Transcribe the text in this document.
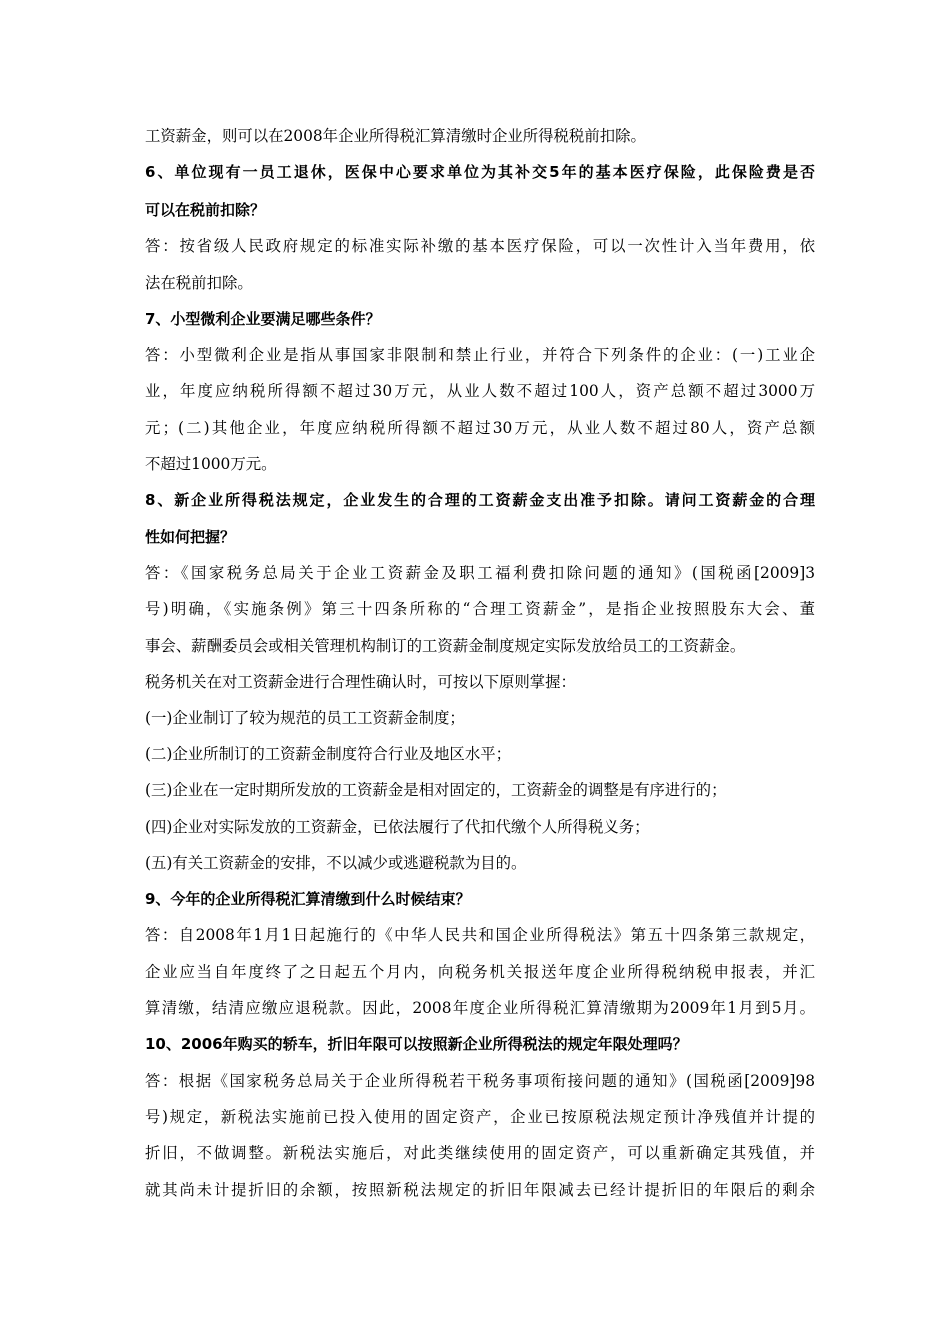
工资薪金，则可以在2008年企业所得税汇算清缴时企业所得税税前扣除。
6、单位现有一员工退休，医保中心要求单位为其补交5年的基本医疗保险，此保险费是否
可以在税前扣除？
答：按省级人民政府规定的标准实际补缴的基本医疗保险，可以一次性计入当年费用，依
法在税前扣除。
7、小型微利企业要满足哪些条件？
答：小型微利企业是指从事国家非限制和禁止行业，并符合下列条件的企业：(一)工业企
业，年度应纳税所得额不超过30万元，从业人数不超过100人，资产总额不超过3000万
元；(二)其他企业，年度应纳税所得额不超过30万元，从业人数不超过80人，资产总额
不超过1000万元。
8、新企业所得税法规定，企业发生的合理的工资薪金支出准予扣除。请问工资薪金的合理
性如何把握？
答：《国家税务总局关于企业工资薪金及职工福利费扣除问题的通知》(国税函[2009]3
号)明确，《实施条例》第三十四条所称的“合理工资薪金”，是指企业按照股东大会、董
事会、薪酬委员会或相关管理机构制订的工资薪金制度规定实际发放给员工的工资薪金。
税务机关在对工资薪金进行合理性确认时，可按以下原则掌握：
(一)企业制订了较为规范的员工工资薪金制度；
(二)企业所制订的工资薪金制度符合行业及地区水平；
(三)企业在一定时期所发放的工资薪金是相对固定的，工资薪金的调整是有序进行的；
(四)企业对实际发放的工资薪金，已依法履行了代扣代缴个人所得税义务；
(五)有关工资薪金的安排，不以减少或逃避税款为目的。
9、今年的企业所得税汇算清缴到什么时候结束？
答：自2008年1月1日起施行的《中华人民共和国企业所得税法》第五十四条第三款规定，
企业应当自年度终了之日起五个月内，向税务机关报送年度企业所得税纳税申报表，并汇
算清缴，结清应缴应退税款。因此，2008年度企业所得税汇算清缴期为2009年1月到5月。
10、2006年购买的轿车，折旧年限可以按照新企业所得税法的规定年限处理吗？
答：根据《国家税务总局关于企业所得税若干税务事项衔接问题的通知》(国税函[2009]98
号)规定，新税法实施前已投入使用的固定资产，企业已按原税法规定预计净残值并计提的
折旧，不做调整。新税法实施后，对此类继续使用的固定资产，可以重新确定其残值，并
就其尚未计提折旧的余额，按照新税法规定的折旧年限减去已经计提折旧的年限后的剩余
